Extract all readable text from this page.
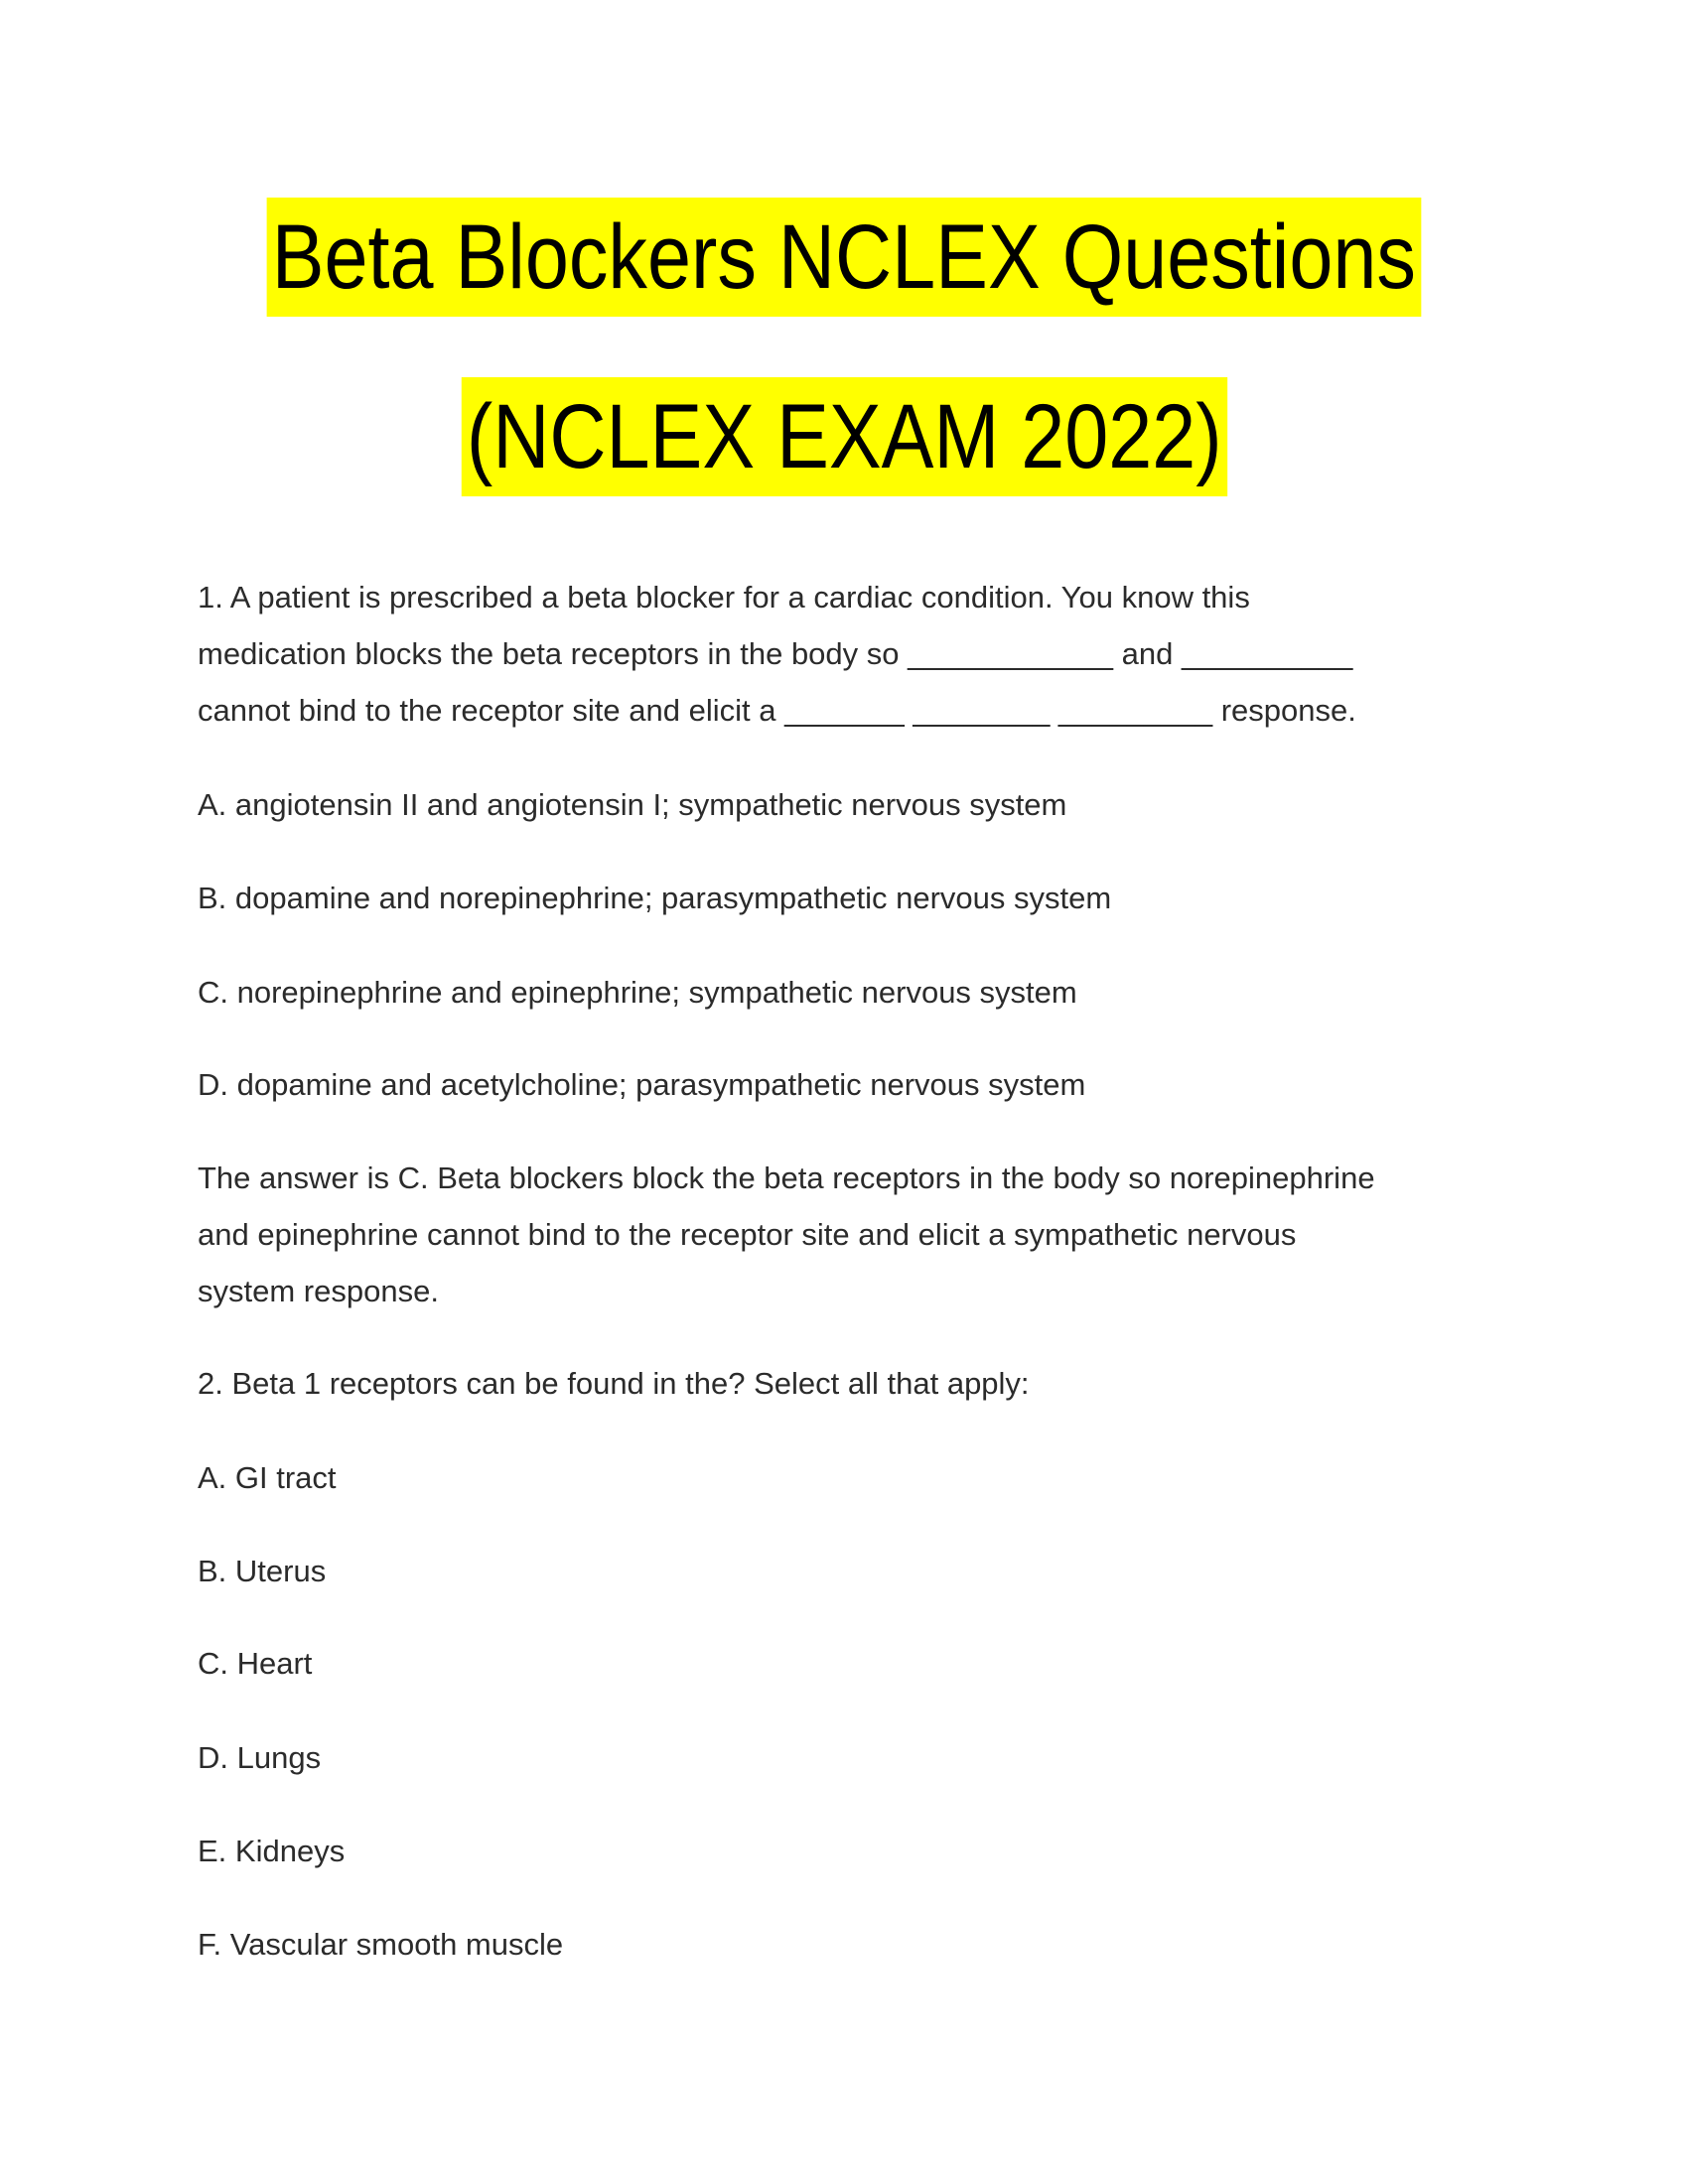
Beta Blockers NCLEX Questions
(NCLEX EXAM 2022)
1. A patient is prescribed a beta blocker for a cardiac condition. You know this
medication blocks the beta receptors in the body so ____________ and __________
cannot bind to the receptor site and elicit a _______ ________ _________ response.
A. angiotensin II and angiotensin I; sympathetic nervous system
B. dopamine and norepinephrine; parasympathetic nervous system
C. norepinephrine and epinephrine; sympathetic nervous system
D. dopamine and acetylcholine; parasympathetic nervous system
The answer is C. Beta blockers block the beta receptors in the body so norepinephrine
and epinephrine cannot bind to the receptor site and elicit a sympathetic nervous
system response.
2. Beta 1 receptors can be found in the? Select all that apply:
A. GI tract
B. Uterus
C. Heart
D. Lungs
E. Kidneys
F. Vascular smooth muscle
